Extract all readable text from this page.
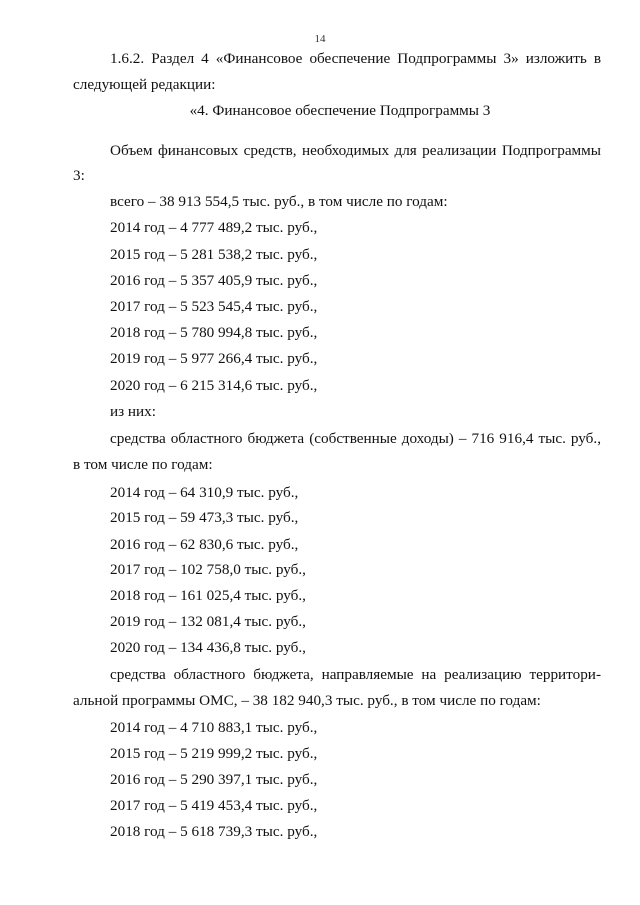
14
1.6.2. Раздел 4 «Финансовое обеспечение Подпрограммы 3» изложить в
следующей редакции:
«4. Финансовое обеспечение Подпрограммы 3
Объем финансовых средств, необходимых для реализации Подпрограммы
3:
всего – 38 913 554,5 тыс. руб., в том числе по годам:
2014 год – 4 777 489,2 тыс. руб.,
2015 год – 5 281 538,2 тыс. руб.,
2016 год – 5 357 405,9 тыс. руб.,
2017 год – 5 523 545,4 тыс. руб.,
2018 год – 5 780 994,8 тыс. руб.,
2019 год – 5 977 266,4 тыс. руб.,
2020 год – 6 215 314,6 тыс. руб.,
из них:
средства областного бюджета (собственные доходы) – 716 916,4 тыс. руб.,
в том числе по годам:
2014 год – 64 310,9 тыс. руб.,
2015 год – 59 473,3 тыс. руб.,
2016 год – 62 830,6 тыс. руб.,
2017 год – 102 758,0 тыс. руб.,
2018 год – 161 025,4 тыс. руб.,
2019 год – 132 081,4 тыс. руб.,
2020 год – 134 436,8 тыс. руб.,
средства областного бюджета, направляемые на реализацию территори-
альной программы ОМС, – 38 182 940,3 тыс. руб., в том числе по годам:
2014 год – 4 710 883,1 тыс. руб.,
2015 год – 5 219 999,2 тыс. руб.,
2016 год – 5 290 397,1 тыс. руб.,
2017 год – 5 419 453,4 тыс. руб.,
2018 год – 5 618 739,3 тыс. руб.,
